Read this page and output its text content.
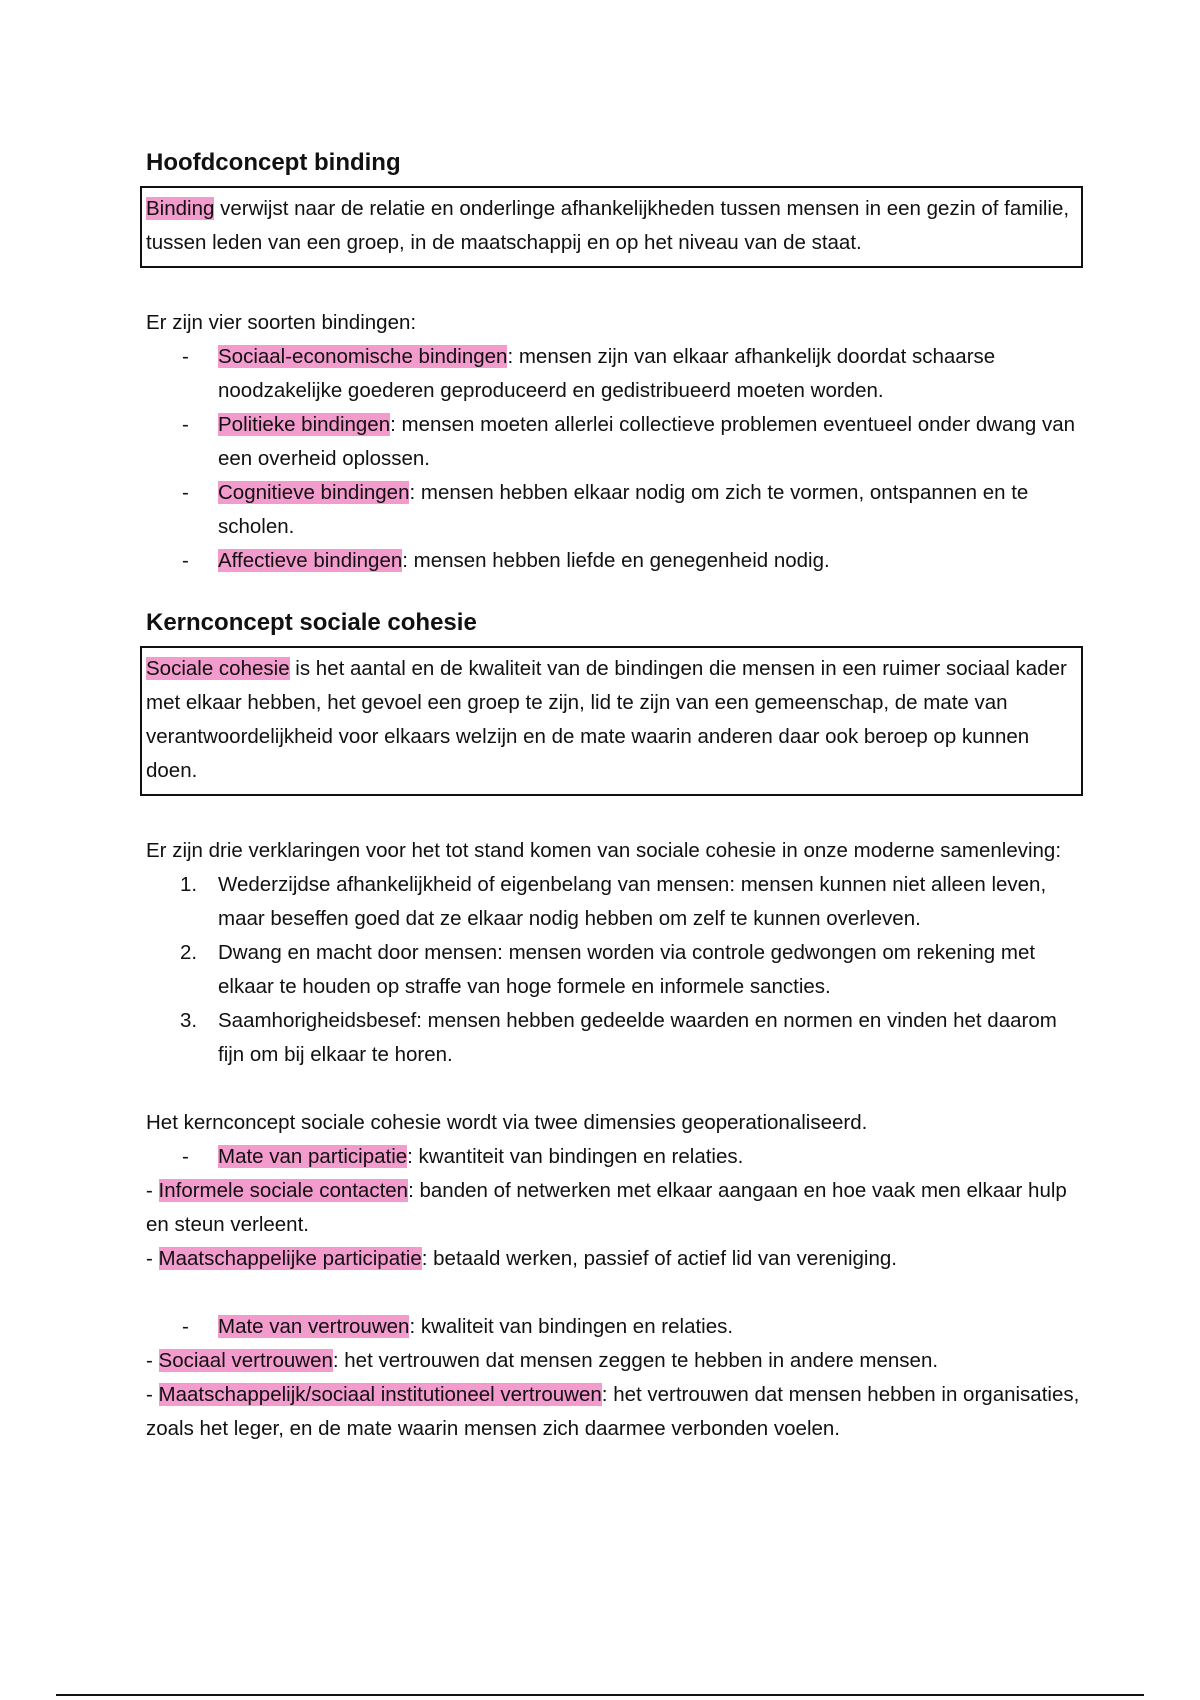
Hoofdconcept binding
Binding verwijst naar de relatie en onderlinge afhankelijkheden tussen mensen in een gezin of familie, tussen leden van een groep, in de maatschappij en op het niveau van de staat.

Er zijn vier soorten bindingen:

- Sociaal-economische bindingen: mensen zijn van elkaar afhankelijk doordat schaarse noodzakelijke goederen geproduceerd en gedistribueerd moeten worden.
- Politieke bindingen: mensen moeten allerlei collectieve problemen eventueel onder dwang van een overheid oplossen.
- Cognitieve bindingen: mensen hebben elkaar nodig om zich te vormen, ontspannen en te scholen.
- Affectieve bindingen: mensen hebben liefde en genegenheid nodig.
Kernconcept sociale cohesie
Sociale cohesie is het aantal en de kwaliteit van de bindingen die mensen in een ruimer sociaal kader met elkaar hebben, het gevoel een groep te zijn, lid te zijn van een gemeenschap, de mate van verantwoordelijkheid voor elkaars welzijn en de mate waarin anderen daar ook beroep op kunnen doen.

Er zijn drie verklaringen voor het tot stand komen van sociale cohesie in onze moderne samenleving:

1. Wederzijdse afhankelijkheid of eigenbelang van mensen: mensen kunnen niet alleen leven, maar beseffen goed dat ze elkaar nodig hebben om zelf te kunnen overleven.
2. Dwang en macht door mensen: mensen worden via controle gedwongen om rekening met elkaar te houden op straffe van hoge formele en informele sancties.
3. Saamhorigheidsbesef: mensen hebben gedeelde waarden en normen en vinden het daarom fijn om bij elkaar te horen.

Het kernconcept sociale cohesie wordt via twee dimensies geoperationaliseerd.

- Mate van participatie: kwantiteit van bindingen en relaties.

- Informele sociale contacten: banden of netwerken met elkaar aangaan en hoe vaak men elkaar hulp en steun verleent.

- Maatschappelijke participatie: betaald werken, passief of actief lid van vereniging.

- Mate van vertrouwen: kwaliteit van bindingen en relaties.

- Sociaal vertrouwen: het vertrouwen dat mensen zeggen te hebben in andere mensen.

- Maatschappelijk/sociaal institutioneel vertrouwen: het vertrouwen dat mensen hebben in organisaties, zoals het leger, en de mate waarin mensen zich daarmee verbonden voelen.
